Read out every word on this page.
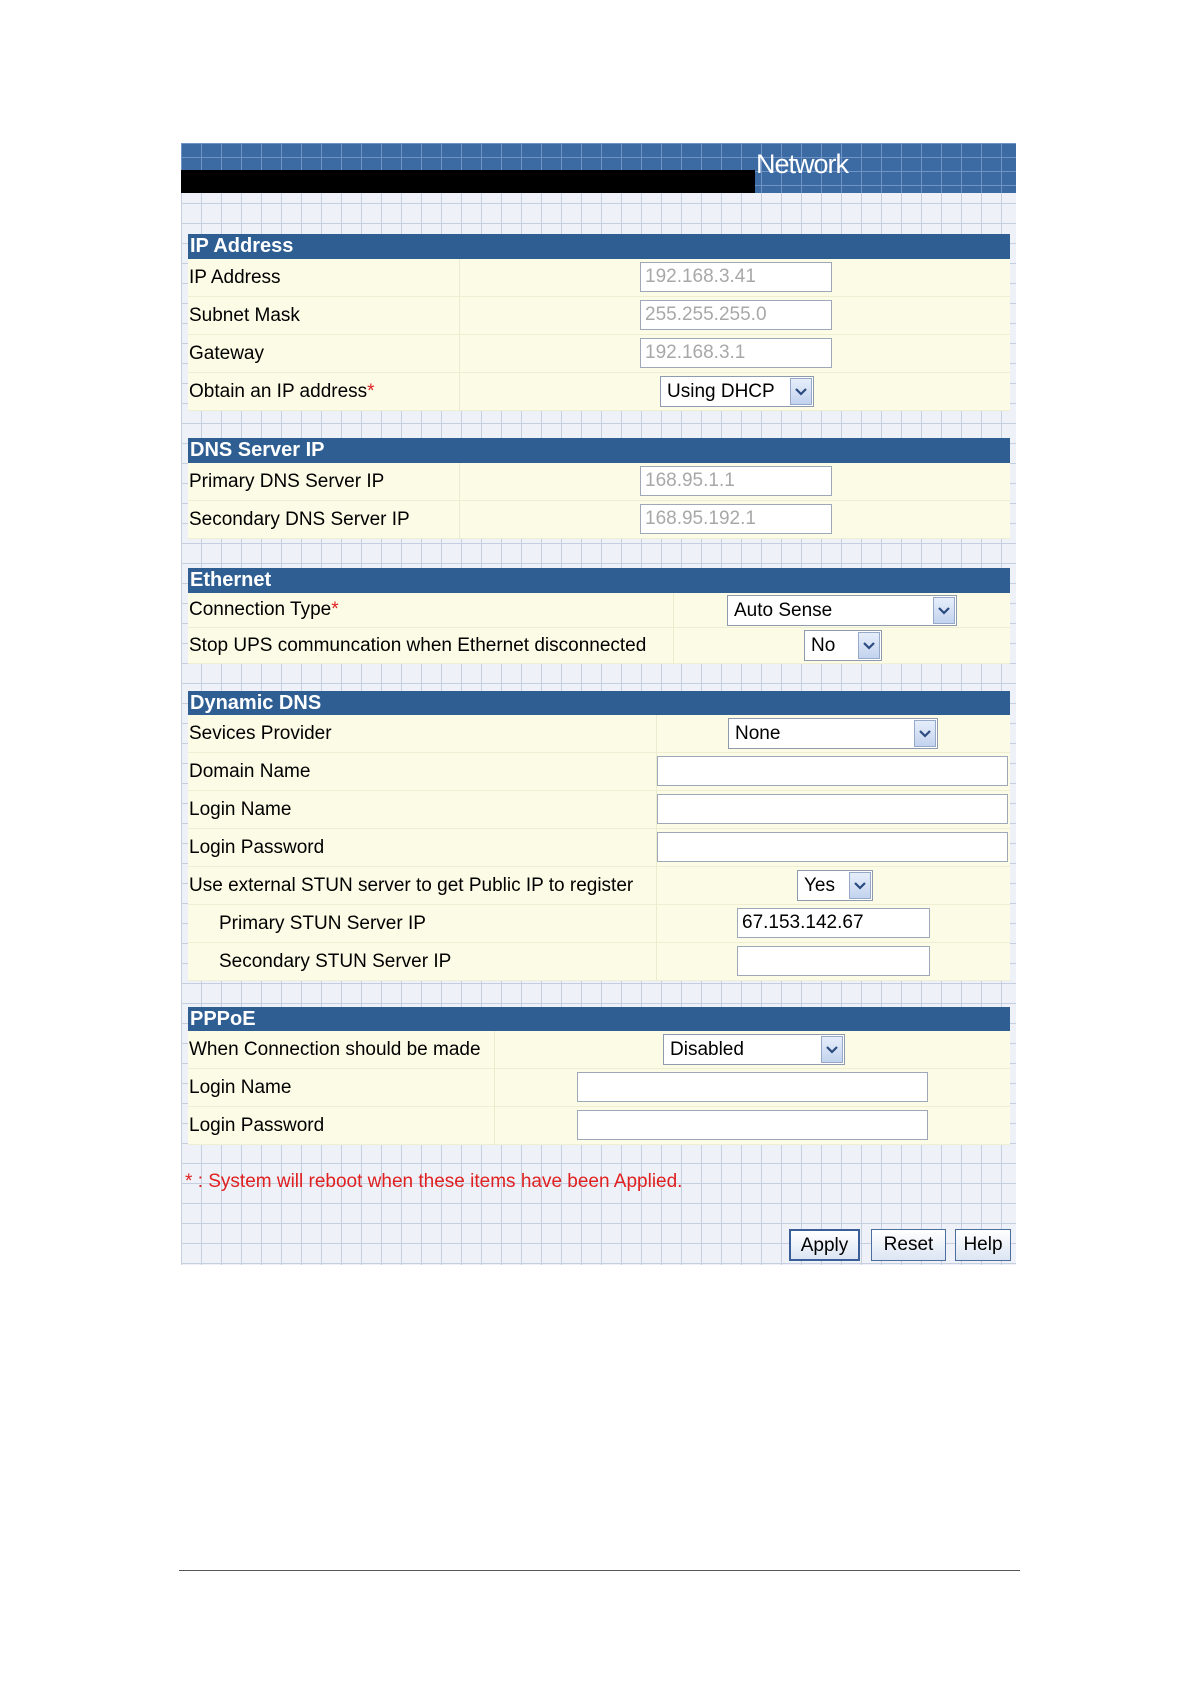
Network
IP Address
IP Address	192.168.3.41
Subnet Mask	255.255.255.0
Gateway	192.168.3.1
Obtain an IP address*	Using DHCP
DNS Server IP
Primary DNS Server IP	168.95.1.1
Secondary DNS Server IP	168.95.192.1
Ethernet
Connection Type*	Auto Sense
Stop UPS communcation when Ethernet disconnected	No
Dynamic DNS
Sevices Provider	None
Domain Name
Login Name
Login Password
Use external STUN server to get Public IP to register	Yes
Primary STUN Server IP	67.153.142.67
Secondary STUN Server IP
PPPoE
When Connection should be made	Disabled
Login Name
Login Password
* : System will reboot when these items have been Applied.
Apply	Reset	Help
